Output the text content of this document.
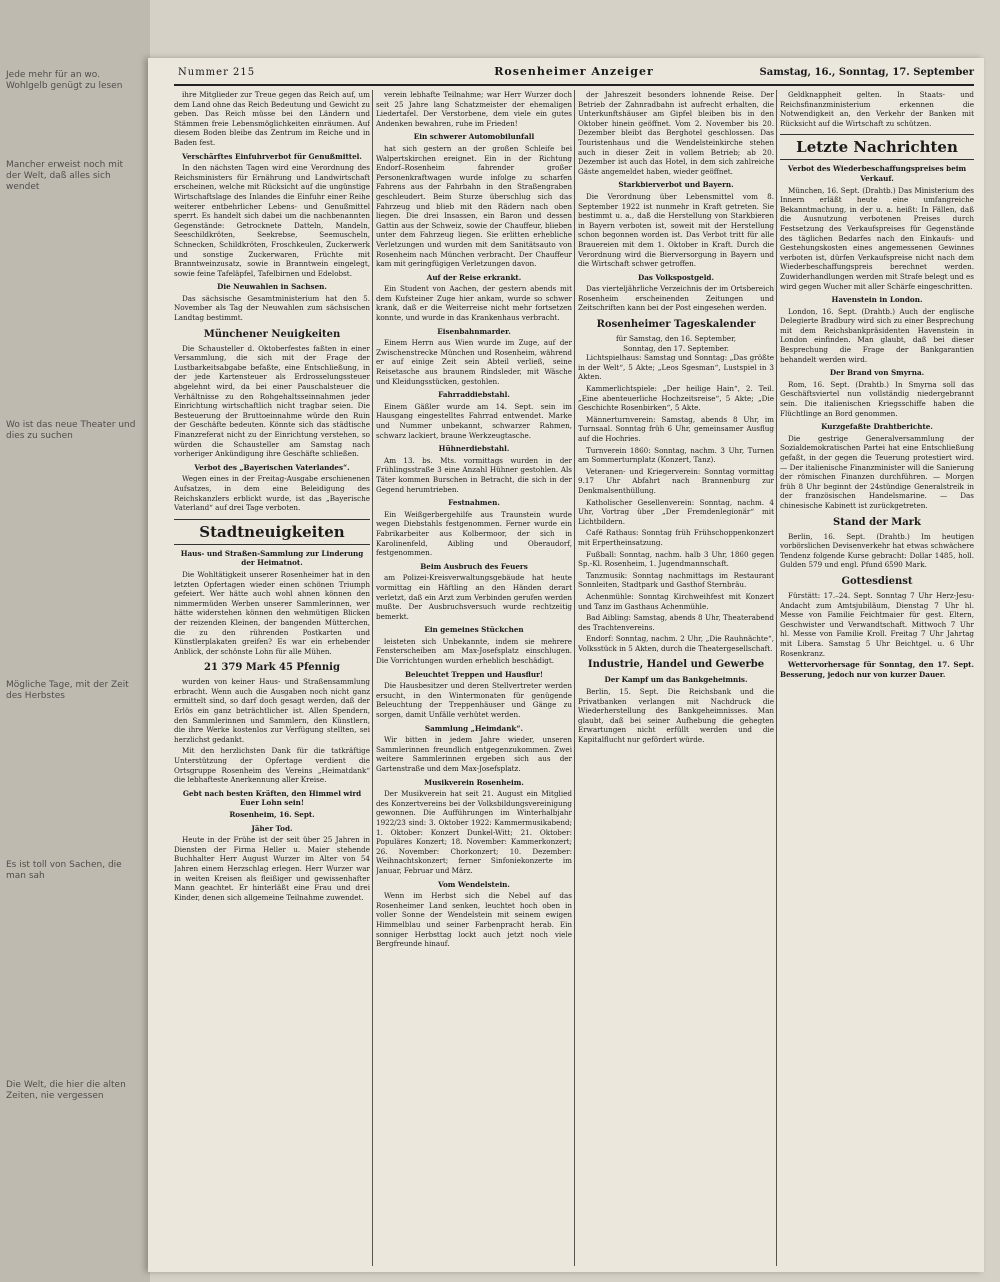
Jede mehr für an wo. Wohlgelb genügt zu lesen
Mancher erweist noch mit der Welt, daß alles sich wendet
Wo ist das neue Theater und dies zu suchen
Mögliche Tage, mit der Zeit des Herbstes
Es ist toll von Sachen, die man sah
Die Welt, die hier die alten Zeiten, nie vergessen
Nummer 215	Rosenheimer Anzeiger	Samstag, 16., Sonntag, 17. September

ihre Mitglieder zur Treue gegen das Reich auf, um dem Land ohne das Reich Bedeutung und Gewicht zu geben. Das Reich müsse bei den Ländern und Stämmen freie Lebensmöglichkeiten einräumen. Auf diesem Boden bleibe das Zentrum im Reiche und in Baden fest.

Verschärftes Einfuhrverbot für Genußmittel.

In den nächsten Tagen wird eine Verordnung des Reichsministers für Ernährung und Landwirtschaft erscheinen, welche mit Rücksicht auf die ungünstige Wirtschaftslage des Inlandes die Einfuhr einer Reihe weiterer entbehrlicher Lebens- und Genußmittel sperrt. Es handelt sich dabei um die nachbenannten Gegenstände: Getrocknete Datteln, Mandeln, Seeschildkröten, Seekrebse, Seemuscheln, Schnecken, Schildkröten, Froschkeulen, Zuckerwerk und sonstige Zuckerwaren, Früchte mit Branntweinzusatz, sowie in Branntwein eingelegt, sowie feine Tafeläpfel, Tafelbirnen und Edelobst.

Die Neuwahlen in Sachsen.

Das sächsische Gesamtministerium hat den 5. November als Tag der Neuwahlen zum sächsischen Landtag bestimmt.

Münchener Neuigkeiten

Die Schausteller d. Oktoberfestes faßten in einer Versammlung, die sich mit der Frage der Lustbarkeitsabgabe befaßte, eine Entschließung, in der jede Kartensteuer als Erdrosselungssteuer abgelehnt wird, da bei einer Pauschalsteuer die Verhältnisse zu den Rohgehaltsseinnahmen jeder Einrichtung wirtschaftlich nicht tragbar seien. Die Besteuerung der Bruttoeinnahme würde den Ruin der Geschäfte bedeuten. Könnte sich das städtische Finanzreferat nicht zu der Einrichtung verstehen, so würden die Schausteller am Samstag nach vorheriger Ankündigung ihre Geschäfte schließen.

Verbot des „Bayerischen Vaterlandes“.

Wegen eines in der Freitag-Ausgabe erschienenen Aufsatzes, in dem eine Beleidigung des Reichskanzlers erblickt wurde, ist das „Bayerische Vaterland“ auf drei Tage verboten.

Stadtneuigkeiten
Haus- und Straßen-Sammlung zur Linderung der Heimatnot.

Die Wohltätigkeit unserer Rosenheimer hat in den letzten Opfertagen wieder einen schönen Triumph gefeiert. Wer hätte auch wohl ahnen können den nimmermüden Werben unserer Sammlerinnen, wer hätte widerstehen können den wehmütigen Blicken der reizenden Kleinen, der bangenden Mütterchen, die zu den rührenden Postkarten und Künstlerplakaten greifen? Es war ein erhebender Anblick, der schönste Lohn für alle Mühen.

21 379 Mark 45 Pfennig

wurden von keiner Haus- und Straßensammlung erbracht. Wenn auch die Ausgaben noch nicht ganz ermittelt sind, so darf doch gesagt werden, daß der Erlös ein ganz beträchtlicher ist. Allen Spendern, den Sammlerinnen und Sammlern, den Künstlern, die ihre Werke kostenlos zur Verfügung stellten, sei herzlichst gedankt.

Mit den herzlichsten Dank für die tatkräftige Unterstützung der Opfertage verdient die Ortsgruppe Rosenheim des Vereins „Heimatdank“ die lebhafteste Anerkennung aller Kreise.

Gebt nach besten Kräften, den Himmel wird Euer Lohn sein!
Rosenheim, 16. Sept.
Jäher Tod.

Heute in der Frühe ist der seit über 25 Jahren in Diensten der Firma Heller u. Maier stehende Buchhalter Herr August Wurzer im Alter von 54 Jahren einem Herzschlag erlegen. Herr Wurzer war in weiten Kreisen als fleißiger und gewissenhafter Mann geachtet. Er hinterläßt eine Frau und drei Kinder, denen sich allgemeine Teilnahme zuwendet.

verein lebhafte Teilnahme; war Herr Wurzer doch seit 25 Jahre lang Schatzmeister der ehemaligen Liedertafel. Der Verstorbene, dem viele ein gutes Andenken bewahren, ruhe im Frieden!

Ein schwerer Automobilunfall

hat sich gestern an der großen Schleife bei Walpertskirchen ereignet. Ein in der Richtung Endorf–Rosenheim fahrender großer Personenkraftwagen wurde infolge zu scharfen Fahrens aus der Fahrbahn in den Straßengraben geschleudert. Beim Sturze überschlug sich das Fahrzeug und blieb mit den Rädern nach oben liegen. Die drei Insassen, ein Baron und dessen Gattin aus der Schweiz, sowie der Chauffeur, blieben unter dem Fahrzeug liegen. Sie erlitten erhebliche Verletzungen und wurden mit dem Sanitätsauto von Rosenheim nach München verbracht. Der Chauffeur kam mit geringfügigen Verletzungen davon.

Auf der Reise erkrankt.

Ein Student von Aachen, der gestern abends mit dem Kufsteiner Zuge hier ankam, wurde so schwer krank, daß er die Weiterreise nicht mehr fortsetzen konnte, und wurde in das Krankenhaus verbracht.

Eisenbahnmarder.

Einem Herrn aus Wien wurde im Zuge, auf der Zwischenstrecke München und Rosenheim, während er auf einige Zeit sein Abteil verließ, seine Reisetasche aus braunem Rindsleder, mit Wäsche und Kleidungsstücken, gestohlen.

Fahrraddiebstahl.

Einem Gäßler wurde am 14. Sept. sein im Hausgang eingestelltes Fahrrad entwendet. Marke und Nummer unbekannt, schwarzer Rahmen, schwarz lackiert, braune Werkzeugtasche.

Hühnerdiebstahl.

Am 13. bs. Mts. vormittags wurden in der Frühlingsstraße 3 eine Anzahl Hühner gestohlen. Als Täter kommen Burschen in Betracht, die sich in der Gegend herumtrieben.

Festnahmen.

Ein Weißgerbergehilfe aus Traunstein wurde wegen Diebstahls festgenommen. Ferner wurde ein Fabrikarbeiter aus Kolbermoor, der sich in Karolinenfeld, Aibling und Oberaudorf, festgenommen.

Beim Ausbruch des Feuers

am Polizei-Kreisverwaltungsgebäude hat heute vormittag ein Häftling an den Händen derart verletzt, daß ein Arzt zum Verbinden gerufen werden mußte. Der Ausbruchsversuch wurde rechtzeitig bemerkt.

Ein gemeines Stückchen

leisteten sich Unbekannte, indem sie mehrere Fensterscheiben am Max-Josefsplatz einschlugen. Die Vorrichtungen wurden erheblich beschädigt.

Beleuchtet Treppen und Hausflur!

Die Hausbesitzer und deren Stellvertreter werden ersucht, in den Wintermonaten für genügende Beleuchtung der Treppenhäuser und Gänge zu sorgen, damit Unfälle verhütet werden.

Sammlung „Heimdank“.

Wir bitten in jedem Jahre wieder, unseren Sammlerinnen freundlich entgegenzukommen. Zwei weitere Sammlerinnen ergeben sich aus der Gartenstraße und dem Max-Josefsplatz.

Musikverein Rosenheim.

Der Musikverein hat seit 21. August ein Mitglied des Konzertvereins bei der Volksbildungsvereinigung gewonnen. Die Aufführungen im Winterhalbjahr 1922/23 sind: 3. Oktober 1922: Kammermusikabend; 1. Oktober: Konzert Dunkel-Witt; 21. Oktober: Populäres Konzert; 18. November: Kammerkonzert; 26. November: Chorkonzert; 10. Dezember: Weihnachtskonzert; ferner Sinfoniekonzerte im Januar, Februar und März.

Vom Wendelstein.

Wenn im Herbst sich die Nebel auf das Rosenheimer Land senken, leuchtet hoch oben in voller Sonne der Wendelstein mit seinem ewigen Himmelblau und seiner Farbenpracht herab. Ein sonniger Herbsttag lockt auch jetzt noch viele Bergfreunde hinauf.

der Jahreszeit besonders lohnende Reise. Der Betrieb der Zahnradbahn ist aufrecht erhalten, die Unterkunftshäuser am Gipfel bleiben bis in den Oktober hinein geöffnet. Vom 2. November bis 20. Dezember bleibt das Berghotel geschlossen. Das Touristenhaus und die Wendelsteinkirche stehen auch in dieser Zeit in vollem Betrieb; ab 20. Dezember ist auch das Hotel, in dem sich zahlreiche Gäste angemeldet haben, wieder geöffnet.

Starkbierverbot und Bayern.

Die Verordnung über Lebensmittel vom 8. September 1922 ist nunmehr in Kraft getreten. Sie bestimmt u. a., daß die Herstellung von Starkbieren in Bayern verboten ist, soweit mit der Herstellung schon begonnen worden ist. Das Verbot tritt für alle Brauereien mit dem 1. Oktober in Kraft. Durch die Verordnung wird die Bierversorgung in Bayern und die Wirtschaft schwer getroffen.

Das Volkspostgeld.

Das vierteljährliche Verzeichnis der im Ortsbereich Rosenheim erscheinenden Zeitungen und Zeitschriften kann bei der Post eingesehen werden.

Rosenheimer Tageskalender
für Samstag, den 16. September,
Sonntag, den 17. September.

Lichtspielhaus: Samstag und Sonntag: „Das größte in der Welt“, 5 Akte; „Leos Sgesman“, Lustspiel in 3 Akten.

Kammerlichtspiele: „Der heilige Hain“, 2. Teil. „Eine abenteuerliche Hochzeitsreise“, 5 Akte; „Die Geschichte Rosenbirken“, 5 Akte.

Männerturnverein: Samstag, abends 8 Uhr, im Turnsaal. Sonntag früh 6 Uhr, gemeinsamer Ausflug auf die Hochries.

Turnverein 1860: Sonntag, nachm. 3 Uhr, Turnen am Sommerturnplatz (Konzert, Tanz).

Veteranen- und Kriegerverein: Sonntag vormittag 9.17 Uhr Abfahrt nach Brannenburg zur Denkmalsenthüllung.

Katholischer Gesellenverein: Sonntag, nachm. 4 Uhr, Vortrag über „Der Fremdenlegionär“ mit Lichtbildern.

Café Rathaus: Sonntag früh Frühschoppenkonzert mit Erpertheinsatzung.

Fußball: Sonntag, nachm. halb 3 Uhr, 1860 gegen Sp.-Kl. Rosenheim, 1. Jugendmannschaft.

Tanzmusik: Sonntag nachmittags im Restaurant Sonnleiten, Stadtpark und Gasthof Sternbräu.

Achenmühle: Sonntag Kirchweihfest mit Konzert und Tanz im Gasthaus Achenmühle.

Bad Aibling: Samstag, abends 8 Uhr, Theaterabend des Trachtenvereins.

Endorf: Sonntag, nachm. 2 Uhr, „Die Rauhnächte“, Volksstück in 5 Akten, durch die Theatergesellschaft.

Industrie, Handel und Gewerbe
Der Kampf um das Bankgeheimnis.

Berlin, 15. Sept. Die Reichsbank und die Privatbanken verlangen mit Nachdruck die Wiederherstellung des Bankgeheimnisses. Man glaubt, daß bei seiner Aufhebung die gehegten Erwartungen nicht erfüllt werden und die Kapitalflucht nur gefördert würde.

Geldknappheit gelten. In Staats- und Reichsfinanzministerium erkennen die Notwendigkeit an, den Verkehr der Banken mit Rücksicht auf die Wirtschaft zu schützen.

Letzte Nachrichten
Verbot des Wiederbeschaffungspreises beim Verkauf.

München, 16. Sept. (Drahtb.) Das Ministerium des Innern erläßt heute eine umfangreiche Bekanntmachung, in der u. a. heißt: In Fällen, daß die Ausnutzung verbotenen Preises durch Festsetzung des Verkaufspreises für Gegenstände des täglichen Bedarfes nach den Einkaufs- und Gestehungskosten eines angemessenen Gewinnes verboten ist, dürfen Verkaufspreise nicht nach dem Wiederbeschaffungspreis berechnet werden. Zuwiderhandlungen werden mit Strafe belegt und es wird gegen Wucher mit aller Schärfe eingeschritten.

Havenstein in London.

London, 16. Sept. (Drahtb.) Auch der englische Delegierte Bradbury wird sich zu einer Besprechung mit dem Reichsbankpräsidenten Havenstein in London einfinden. Man glaubt, daß bei dieser Besprechung die Frage der Bankgarantien behandelt werden wird.

Der Brand von Smyrna.

Rom, 16. Sept. (Drahtb.) In Smyrna soll das Geschäftsviertel nun vollständig niedergebrannt sein. Die italienischen Kriegsschiffe haben die Flüchtlinge an Bord genommen.

Kurzgefaßte Drahtberichte.

Die gestrige Generalversammlung der Sozialdemokratischen Partei hat eine Entschließung gefaßt, in der gegen die Teuerung protestiert wird. — Der italienische Finanzminister will die Sanierung der römischen Finanzen durchführen. — Morgen früh 8 Uhr beginnt der 24stündige Generalstreik in der französischen Handelsmarine. — Das chinesische Kabinett ist zurückgetreten.

Stand der Mark

Berlin, 16. Sept. (Drahtb.) Im heutigen vorbörslichen Devisenverkehr hat etwas schwächere Tendenz folgende Kurse gebracht: Dollar 1485, holl. Gulden 579 und engl. Pfund 6590 Mark.

Gottesdienst

Fürstätt: 17.–24. Sept. Sonntag 7 Uhr Herz-Jesu-Andacht zum Amtsjubiläum, Dienstag 7 Uhr hl. Messe von Familie Feichtmaier für gest. Eltern, Geschwister und Verwandtschaft. Mittwoch 7 Uhr hl. Messe von Familie Kroll. Freitag 7 Uhr Jahrtag mit Libera. Samstag 5 Uhr Beichtgel. u. 6 Uhr Rosenkranz.

Wettervorhersage für Sonntag, den 17. Sept. Besserung, jedoch nur von kurzer Dauer.
